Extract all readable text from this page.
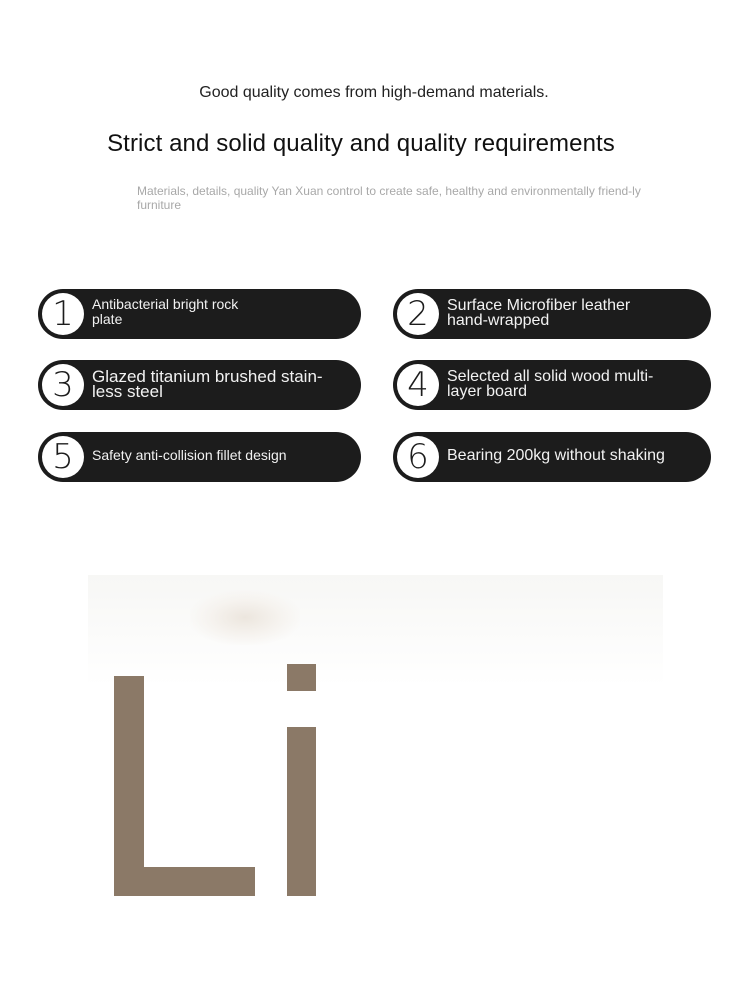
Good quality comes from high-demand materials.
Strict and solid quality and quality requirements

Materials, details, quality Yan Xuan control to create safe, healthy and environmentally friend-ly furniture

1	Antibacterial bright rock plate	2	Surface Microfiber leather hand-wrapped
3	Glazed titanium brushed stain-less steel	4	Selected all solid wood multi-layer board
5	Safety anti-collision fillet design	6	Bearing 200kg without shaking
